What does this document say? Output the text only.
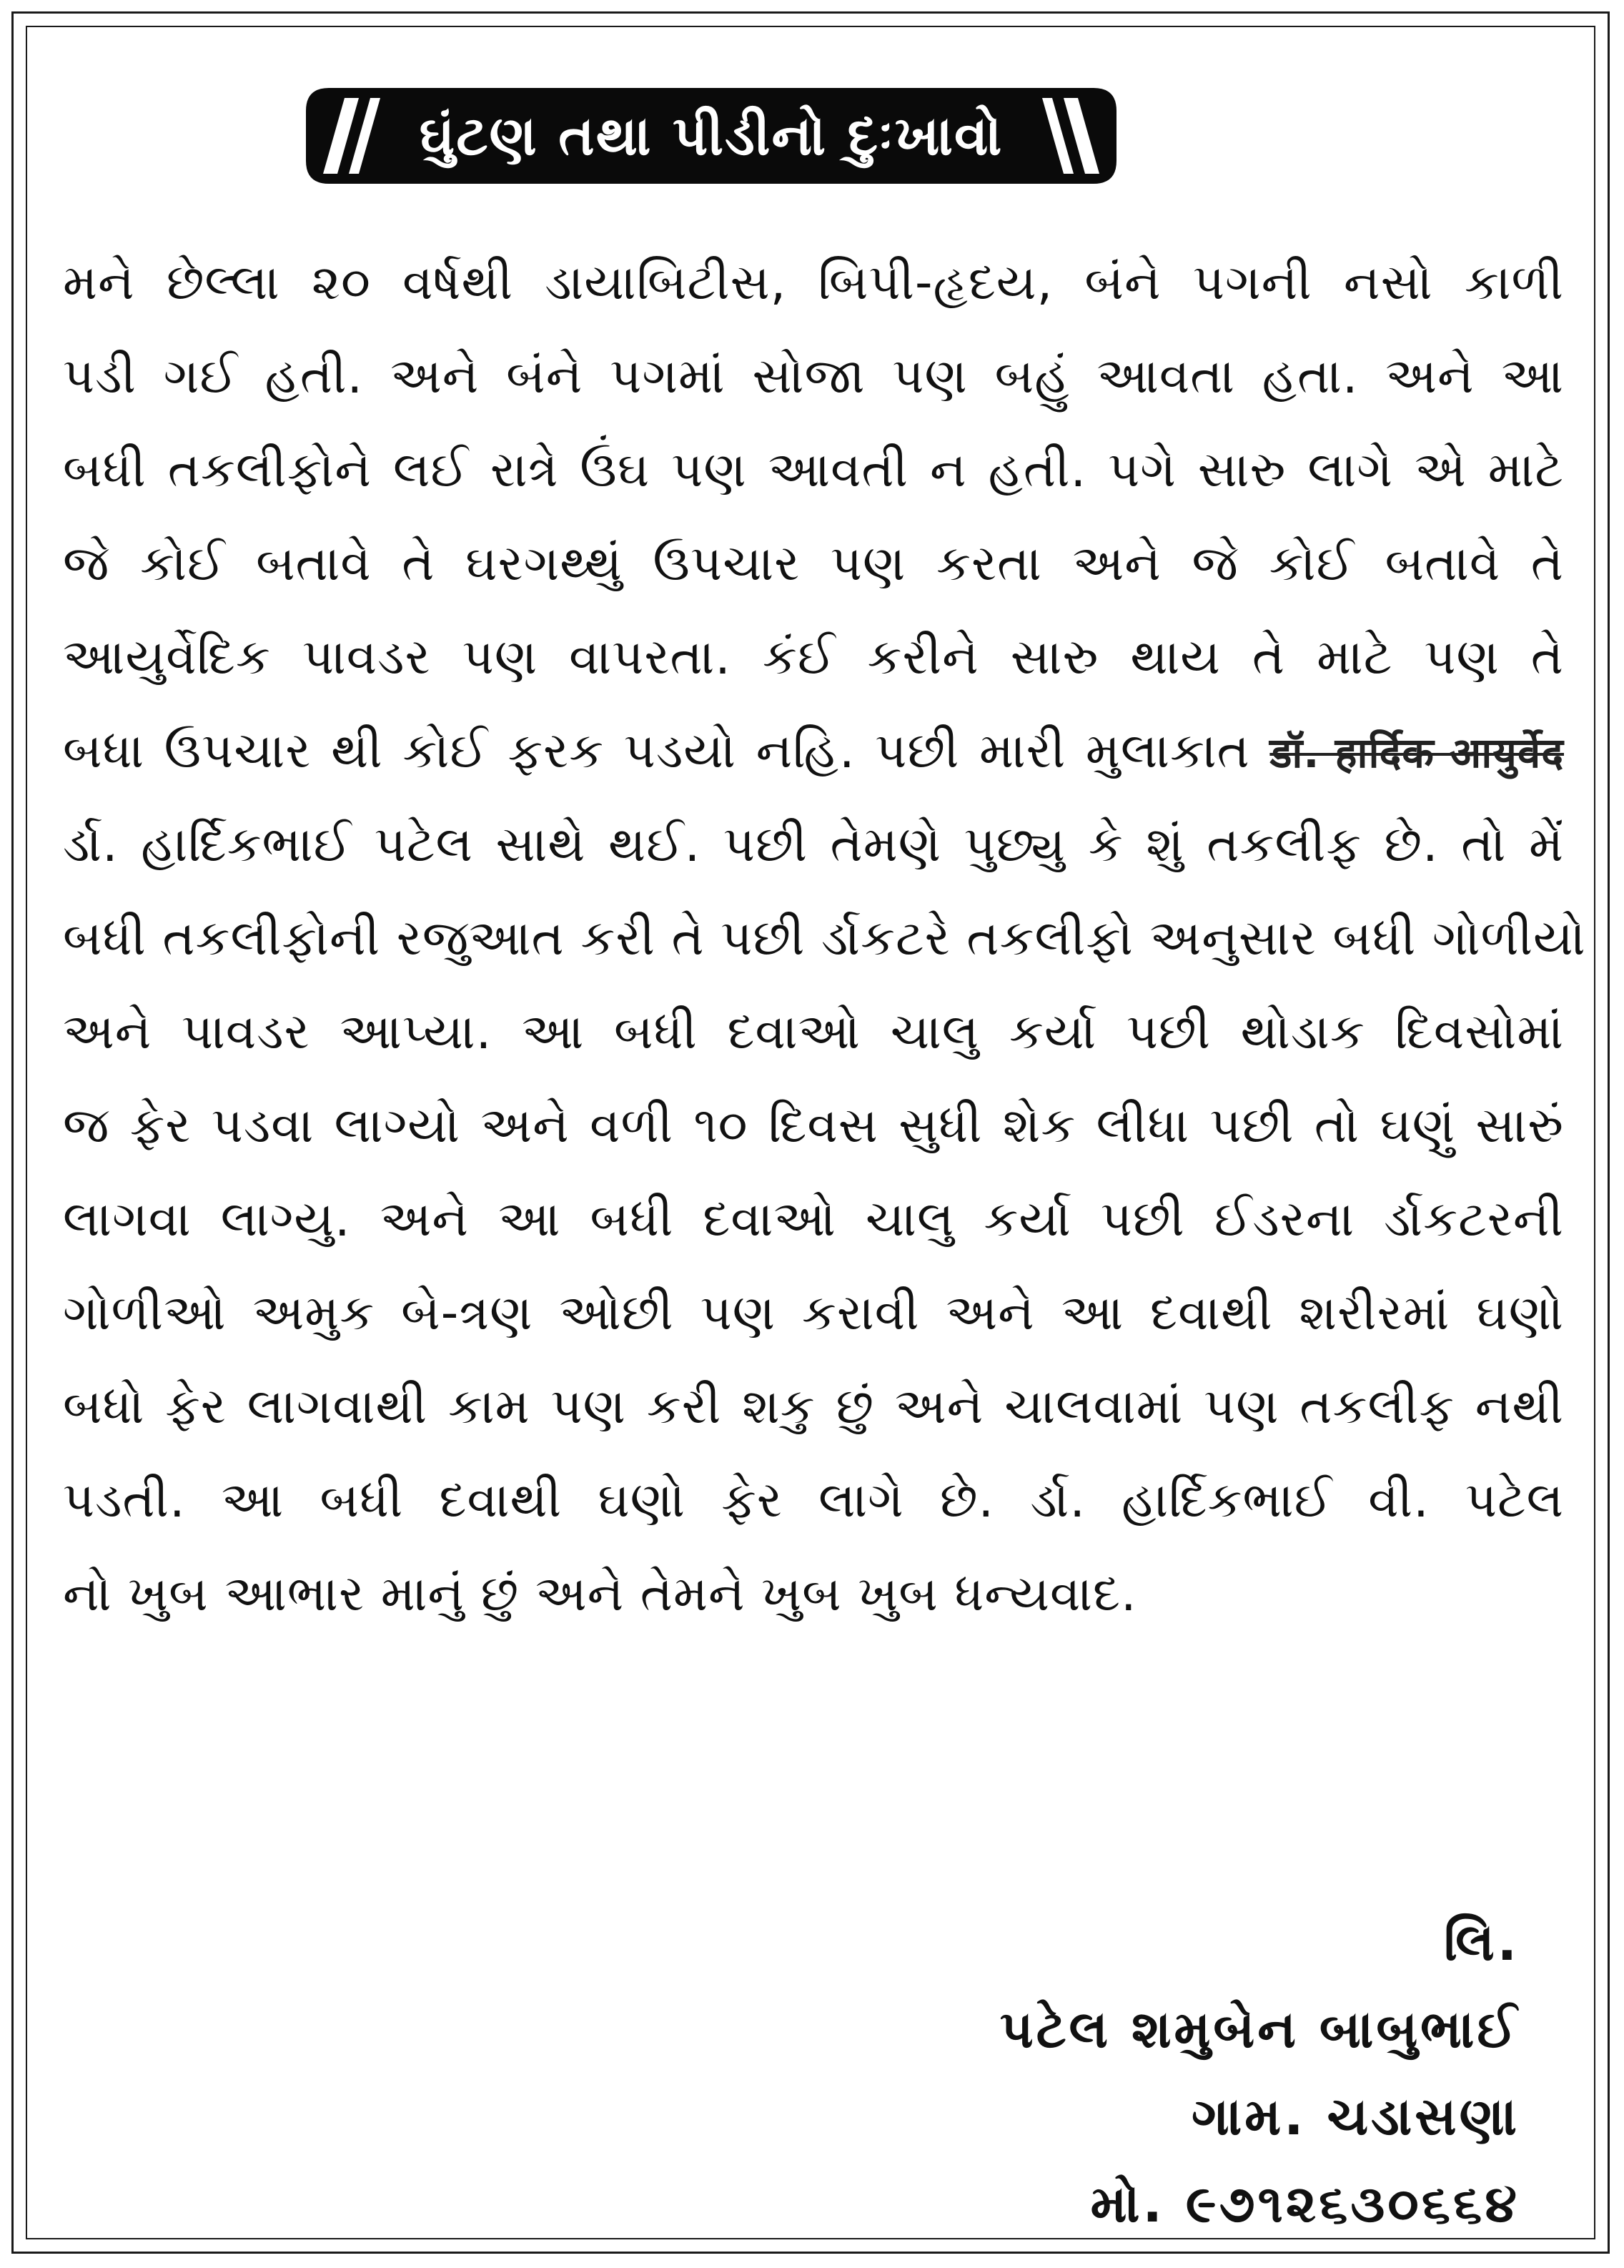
ઘુંટણ તથા પીડીનો દુઃખાવો
મને છેલ્લા ૨૦ વર્ષથી ડાયાબિટીસ, બિપી-હૃદય, બંને પગની નસો કાળી
પડી ગઈ હતી. અને બંને પગમાં સોજા પણ બહું આવતા હતા. અને આ
બધી તકલીફોને લઈ રાત્રે ઉંઘ પણ આવતી ન હતી. પગે સારુ લાગે એ માટે
જે કોઈ બતાવે તે ઘરગથ્થું ઉપચાર પણ કરતા અને જે કોઈ બતાવે તે
આયુર્વેદિક પાવડર પણ વાપરતા. કંઈ કરીને સારુ થાય તે માટે પણ તે
બધા ઉપચાર થી કોઈ ફરક પડયો નહિ. પછી મારી મુલાકાત डॉ. हार्दिक आयुर्वेद
ર્ડા. હાર્દિકભાઈ પટેલ સાથે થઈ. પછી તેમણે પુછ્યુ કે શું તકલીફ છે. તો મેં
બધી તકલીફોની રજુઆત કરી તે પછી ર્ડાકટરે તકલીફો અનુસાર બધી ગોળીયો
અને પાવડર આપ્યા. આ બધી દવાઓ ચાલુ કર્યા પછી થોડાક દિવસોમાં
જ ફેર પડવા લાગ્યો અને વળી ૧૦ દિવસ સુધી શેક લીધા પછી તો ઘણું સારું
લાગવા લાગ્યુ. અને આ બધી દવાઓ ચાલુ કર્યા પછી ઈડરના ર્ડાકટરની
ગોળીઓ અમુક બે-ત્રણ ઓછી પણ કરાવી અને આ દવાથી શરીરમાં ઘણો
બધો ફેર લાગવાથી કામ પણ કરી શકુ છું અને ચાલવામાં પણ તકલીફ નથી
પડતી. આ બધી દવાથી ઘણો ફેર લાગે છે. ર્ડા. હાર્દિકભાઈ વી. પટેલ
નો ખુબ આભાર માનું છું અને તેમને ખુબ ખુબ ધન્યવાદ.
લિ.
પટેલ શમુબેન બાબુભાઈ
ગામ. ચડાસણા
મો. ૯૭૧૨૬૩૦૬૬૪
